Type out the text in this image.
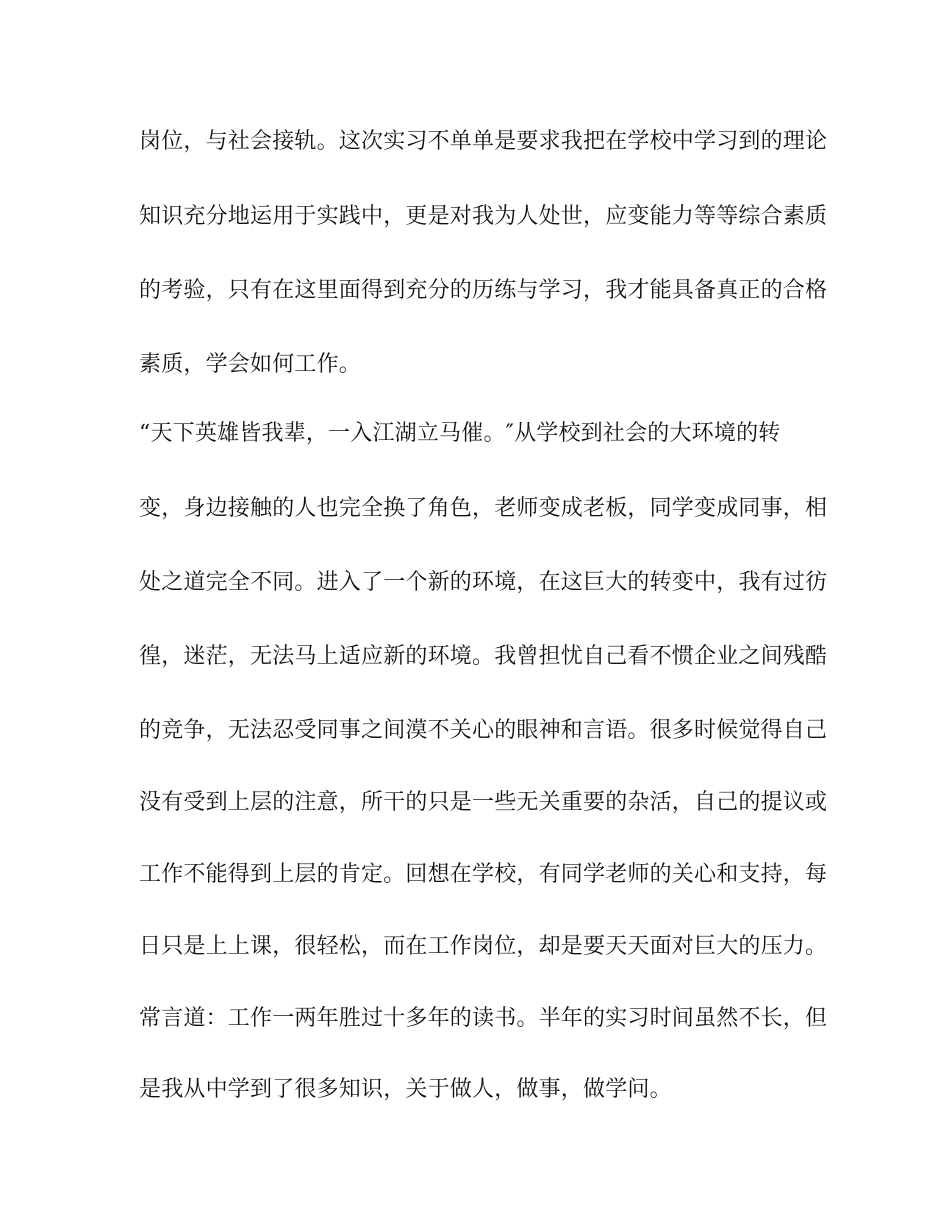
岗位，与社会接轨。这次实习不单单是要求我把在学校中学习到的理论
知识充分地运用于实践中，更是对我为人处世，应变能力等等综合素质
的考验，只有在这里面得到充分的历练与学习，我才能具备真正的合格
素质，学会如何工作。
“天下英雄皆我辈，一入江湖立马催。″从学校到社会的大环境的转
变，身边接触的人也完全换了角色，老师变成老板，同学变成同事，相
处之道完全不同。进入了一个新的环境，在这巨大的转变中，我有过彷
徨，迷茫，无法马上适应新的环境。我曾担忧自己看不惯企业之间残酷
的竞争，无法忍受同事之间漠不关心的眼神和言语。很多时候觉得自己
没有受到上层的注意，所干的只是一些无关重要的杂活，自己的提议或
工作不能得到上层的肯定。回想在学校，有同学老师的关心和支持，每
日只是上上课，很轻松，而在工作岗位，却是要天天面对巨大的压力。
常言道：工作一两年胜过十多年的读书。半年的实习时间虽然不长，但
是我从中学到了很多知识，关于做人，做事，做学问。
